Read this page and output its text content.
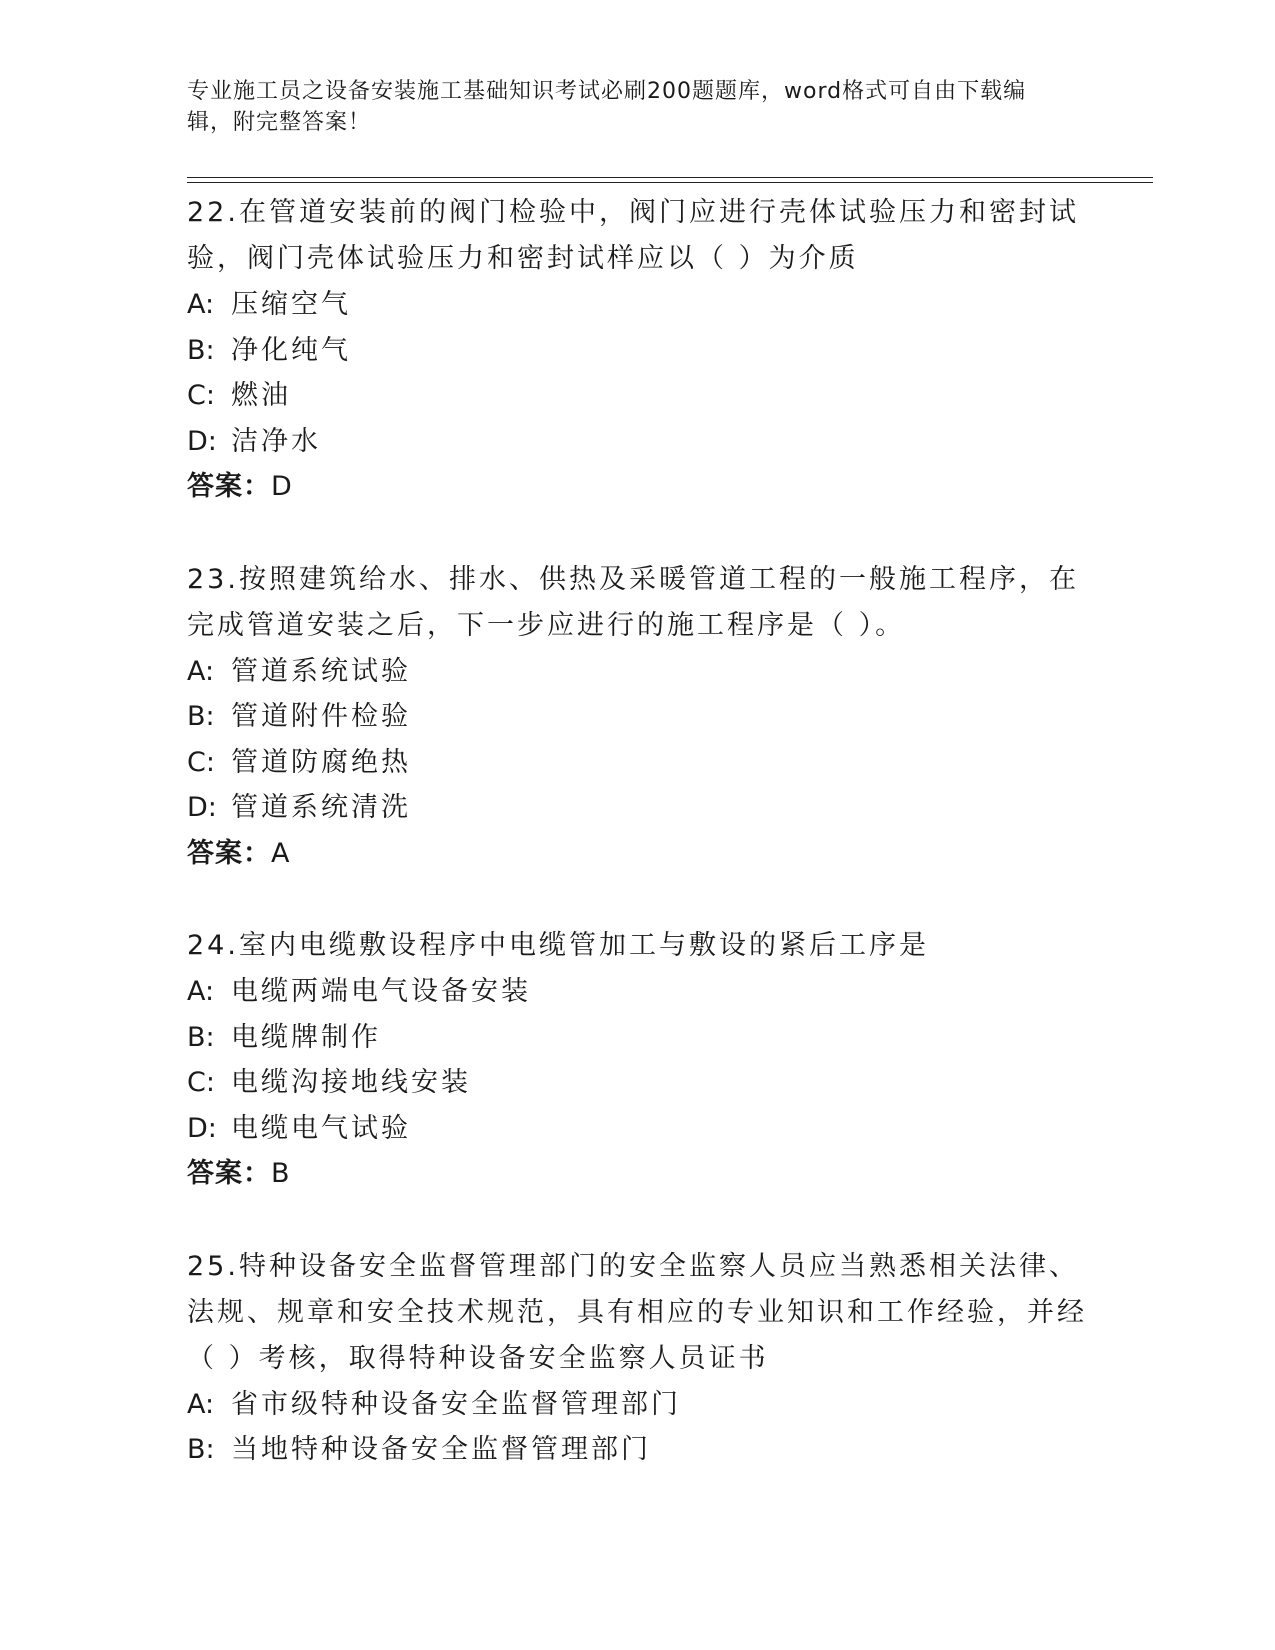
专业施工员之设备安装施工基础知识考试必刷200题题库，word格式可自由下载编辑，附完整答案！

22.在管道安装前的阀门检验中，阀门应进行壳体试验压力和密封试验，阀门壳体试验压力和密封试样应以（ ）为介质

A: 压缩空气

B: 净化纯气

C: 燃油

D: 洁净水

答案：D

23.按照建筑给水、排水、供热及采暖管道工程的一般施工程序，在完成管道安装之后，下一步应进行的施工程序是（ ）。

A: 管道系统试验

B: 管道附件检验

C: 管道防腐绝热

D: 管道系统清洗

答案：A

24.室内电缆敷设程序中电缆管加工与敷设的紧后工序是

A: 电缆两端电气设备安装

B: 电缆牌制作

C: 电缆沟接地线安装

D: 电缆电气试验

答案：B

25.特种设备安全监督管理部门的安全监察人员应当熟悉相关法律、法规、规章和安全技术规范，具有相应的专业知识和工作经验，并经（ ）考核，取得特种设备安全监察人员证书

A: 省市级特种设备安全监督管理部门

B: 当地特种设备安全监督管理部门
